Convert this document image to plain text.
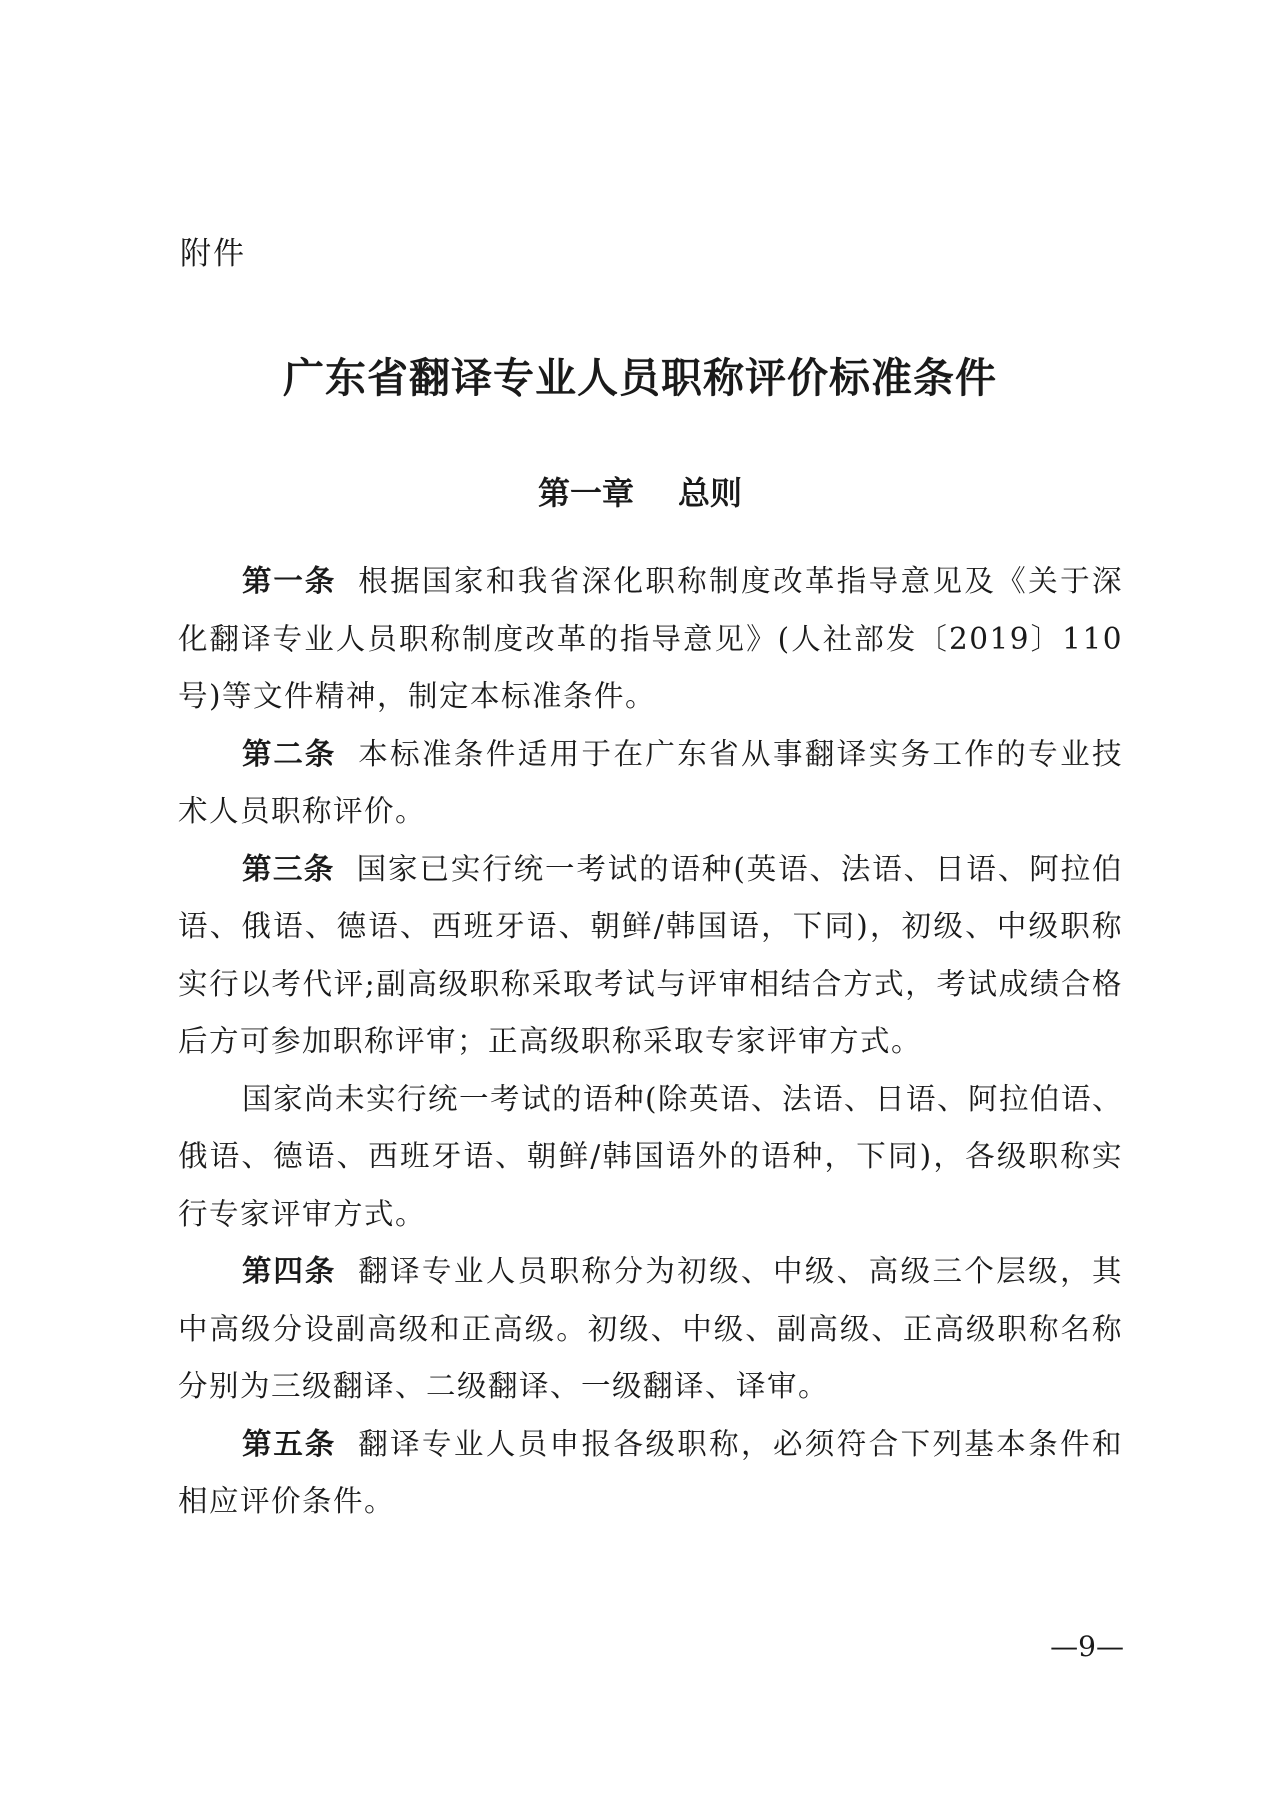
附件
广东省翻译专业人员职称评价标准条件
第一章 总则

第一条 根据国家和我省深化职称制度改革指导意见及《关于深化翻译专业人员职称制度改革的指导意见》(人社部发〔2019〕110号)等文件精神，制定本标准条件。

第二条 本标准条件适用于在广东省从事翻译实务工作的专业技术人员职称评价。

第三条 国家已实行统一考试的语种(英语、法语、日语、阿拉伯语、俄语、德语、西班牙语、朝鲜/韩国语，下同)，初级、中级职称实行以考代评;副高级职称采取考试与评审相结合方式，考试成绩合格后方可参加职称评审；正高级职称采取专家评审方式。

国家尚未实行统一考试的语种(除英语、法语、日语、阿拉伯语、俄语、德语、西班牙语、朝鲜/韩国语外的语种，下同)，各级职称实行专家评审方式。

第四条 翻译专业人员职称分为初级、中级、高级三个层级，其中高级分设副高级和正高级。初级、中级、副高级、正高级职称名称分别为三级翻译、二级翻译、一级翻译、译审。

第五条 翻译专业人员申报各级职称，必须符合下列基本条件和相应评价条件。

—9—
